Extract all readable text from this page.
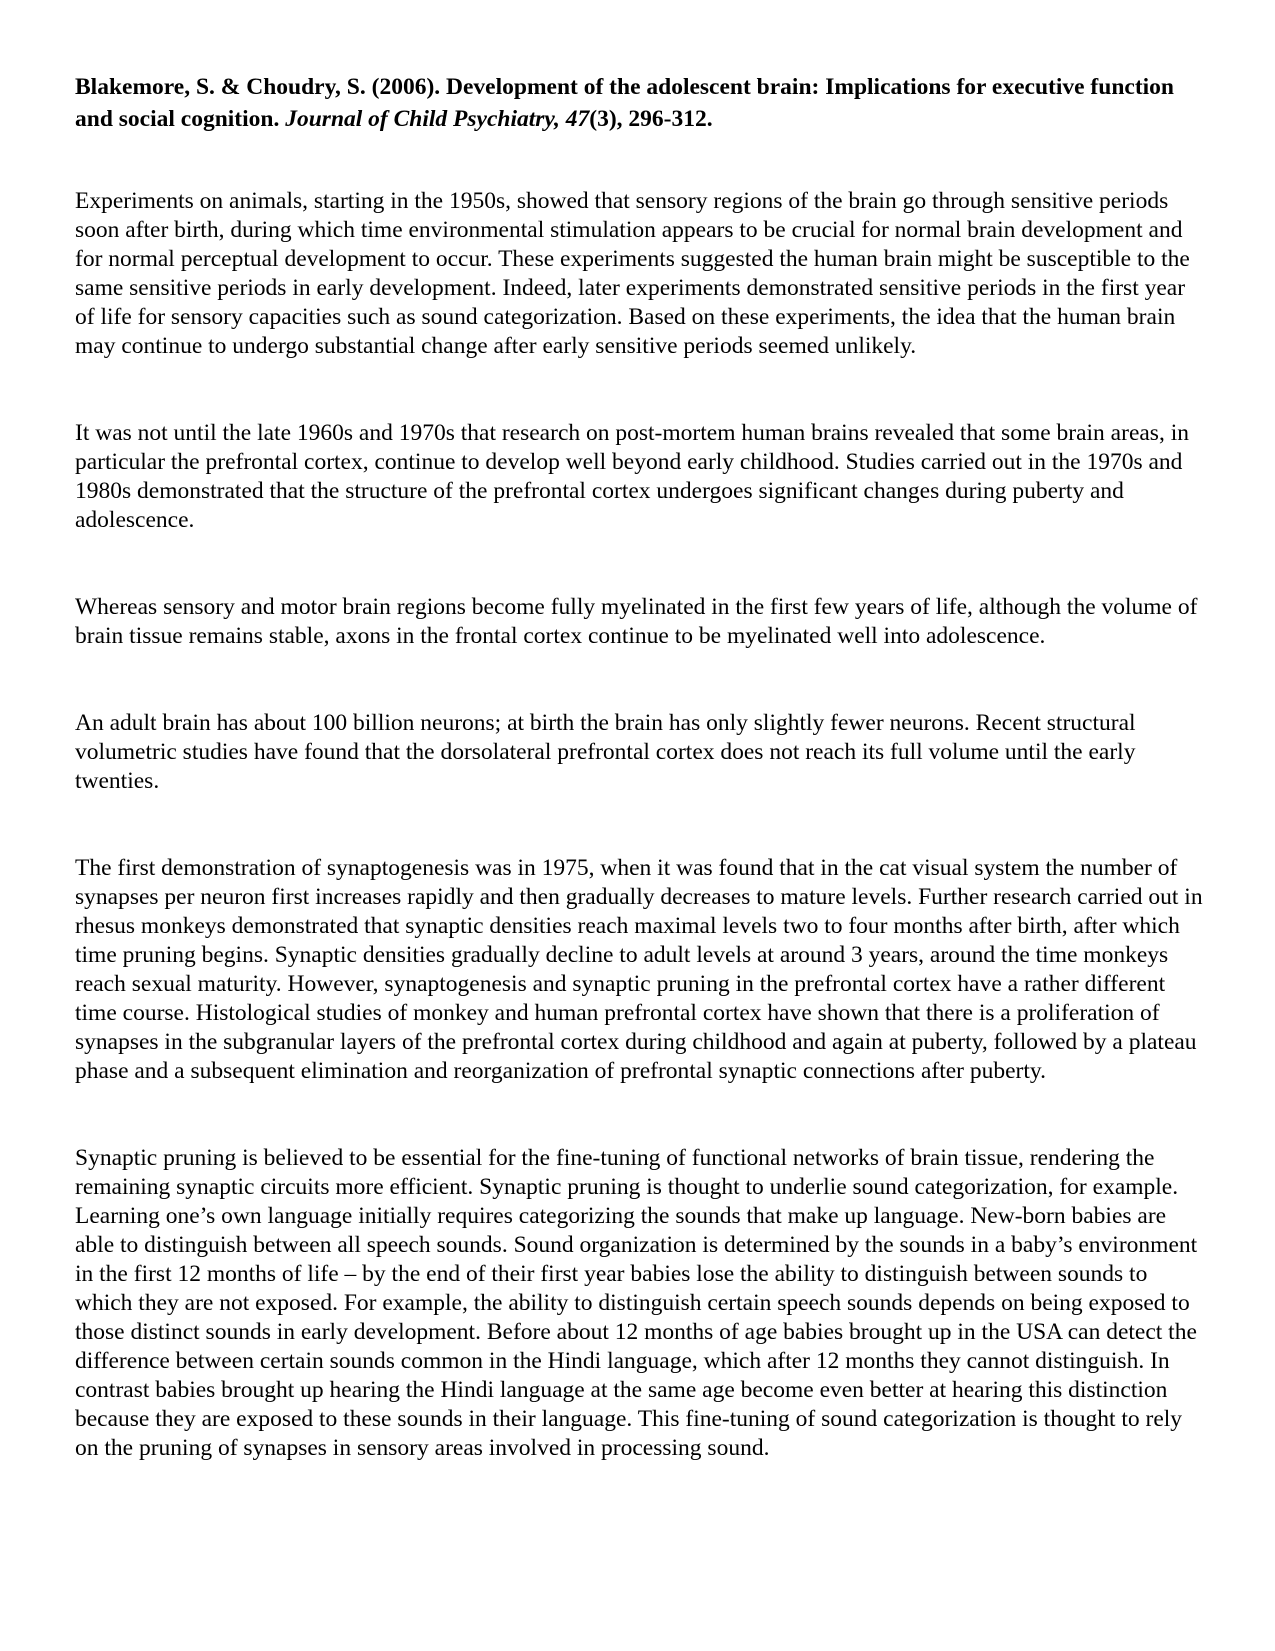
Blakemore, S. & Choudry, S. (2006). Development of the adolescent brain: Implications for executive function and social cognition. Journal of Child Psychiatry, 47(3), 296-312.

Experiments on animals, starting in the 1950s, showed that sensory regions of the brain go through sensitive periods soon after birth, during which time environmental stimulation appears to be crucial for normal brain development and for normal perceptual development to occur. These experiments suggested the human brain might be susceptible to the same sensitive periods in early development. Indeed, later experiments demonstrated sensitive periods in the first year of life for sensory capacities such as sound categorization. Based on these experiments, the idea that the human brain may continue to undergo substantial change after early sensitive periods seemed unlikely.

It was not until the late 1960s and 1970s that research on post-mortem human brains revealed that some brain areas, in particular the prefrontal cortex, continue to develop well beyond early childhood. Studies carried out in the 1970s and 1980s demonstrated that the structure of the prefrontal cortex undergoes significant changes during puberty and adolescence.

Whereas sensory and motor brain regions become fully myelinated in the first few years of life, although the volume of brain tissue remains stable, axons in the frontal cortex continue to be myelinated well into adolescence.

An adult brain has about 100 billion neurons; at birth the brain has only slightly fewer neurons. Recent structural volumetric studies have found that the dorsolateral prefrontal cortex does not reach its full volume until the early twenties.

The first demonstration of synaptogenesis was in 1975, when it was found that in the cat visual system the number of synapses per neuron first increases rapidly and then gradually decreases to mature levels. Further research carried out in rhesus monkeys demonstrated that synaptic densities reach maximal levels two to four months after birth, after which time pruning begins. Synaptic densities gradually decline to adult levels at around 3 years, around the time monkeys reach sexual maturity. However, synaptogenesis and synaptic pruning in the prefrontal cortex have a rather different time course. Histological studies of monkey and human prefrontal cortex have shown that there is a proliferation of synapses in the subgranular layers of the prefrontal cortex during childhood and again at puberty, followed by a plateau phase and a subsequent elimination and reorganization of prefrontal synaptic connections after puberty.

Synaptic pruning is believed to be essential for the fine-tuning of functional networks of brain tissue, rendering the remaining synaptic circuits more efficient. Synaptic pruning is thought to underlie sound categorization, for example. Learning one’s own language initially requires categorizing the sounds that make up language. New-born babies are able to distinguish between all speech sounds. Sound organization is determined by the sounds in a baby’s environment in the first 12 months of life – by the end of their first year babies lose the ability to distinguish between sounds to which they are not exposed. For example, the ability to distinguish certain speech sounds depends on being exposed to those distinct sounds in early development. Before about 12 months of age babies brought up in the USA can detect the difference between certain sounds common in the Hindi language, which after 12 months they cannot distinguish. In contrast babies brought up hearing the Hindi language at the same age become even better at hearing this distinction because they are exposed to these sounds in their language. This fine-tuning of sound categorization is thought to rely on the pruning of synapses in sensory areas involved in processing sound.
